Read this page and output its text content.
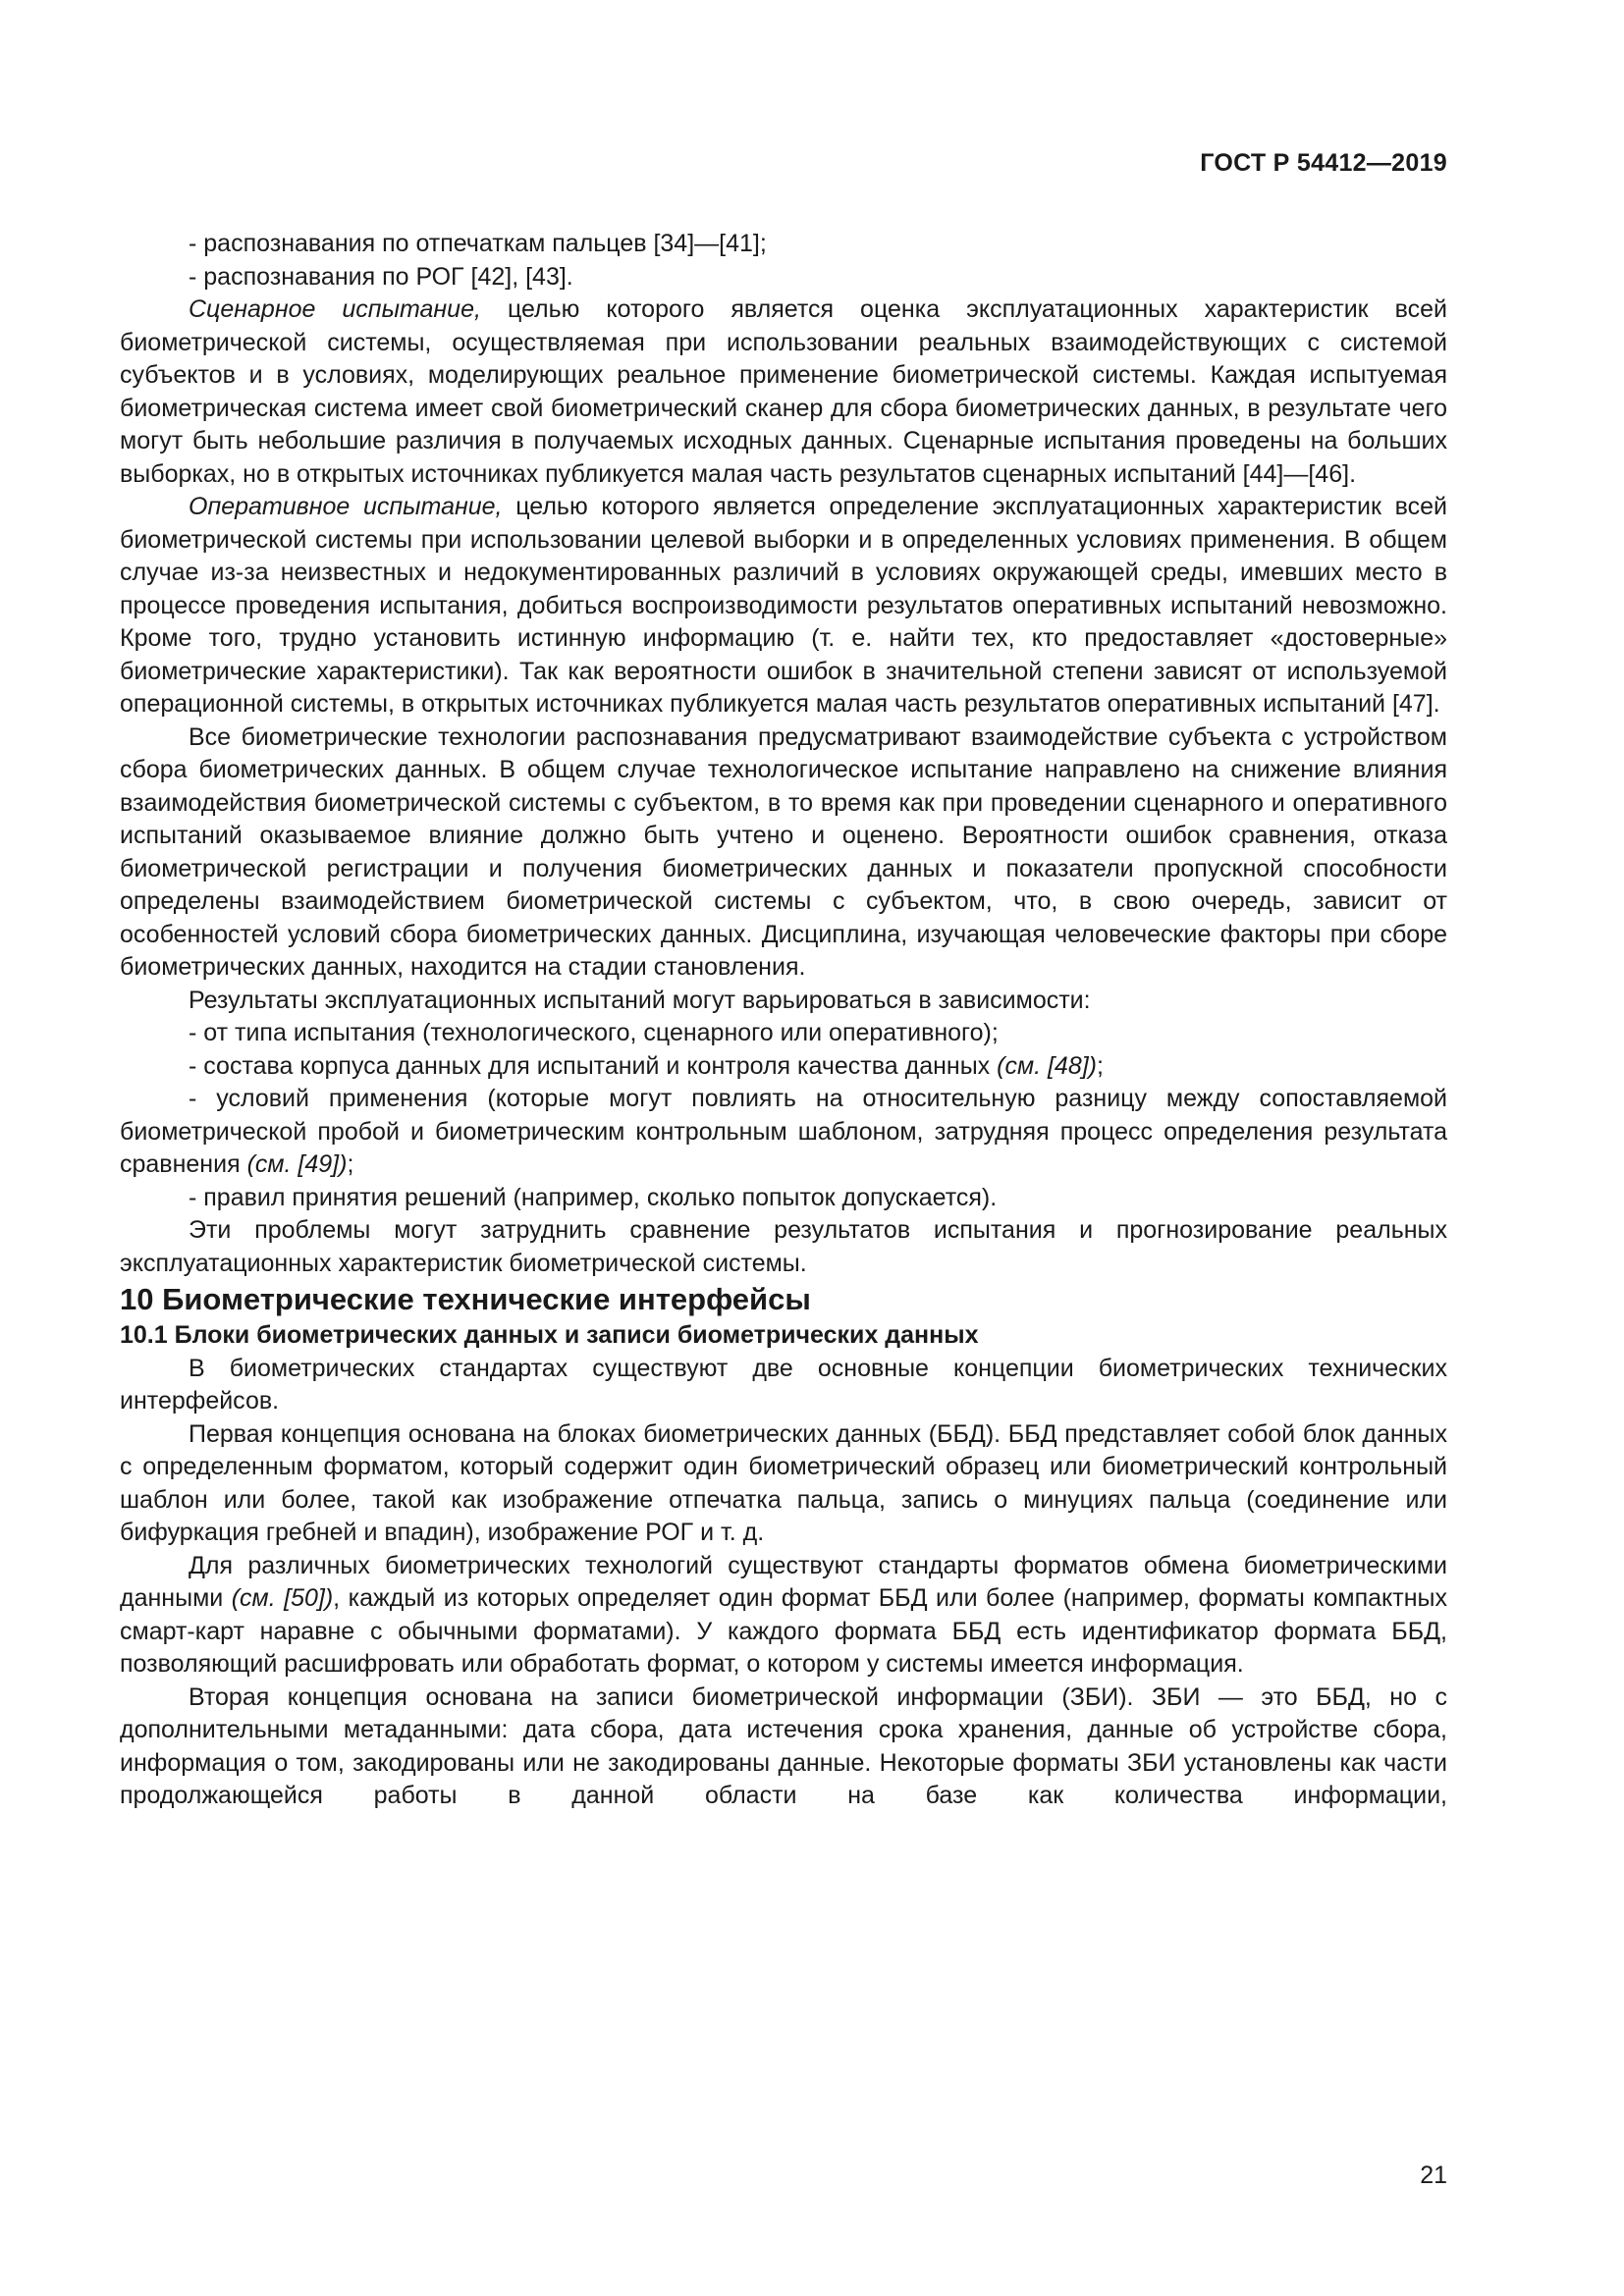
ГОСТ Р 54412—2019

- распознавания по отпечаткам пальцев [34]—[41];

- распознавания по РОГ [42], [43].

Сценарное испытание, целью которого является оценка эксплуатационных характеристик всей биометрической системы, осуществляемая при использовании реальных взаимодействующих с системой субъектов и в условиях, моделирующих реальное применение биометрической системы. Каждая испытуемая биометрическая система имеет свой биометрический сканер для сбора биометрических данных, в результате чего могут быть небольшие различия в получаемых исходных данных. Сценарные испытания проведены на больших выборках, но в открытых источниках публикуется малая часть результатов сценарных испытаний [44]—[46].

Оперативное испытание, целью которого является определение эксплуатационных характеристик всей биометрической системы при использовании целевой выборки и в определенных условиях применения. В общем случае из-за неизвестных и недокументированных различий в условиях окружающей среды, имевших место в процессе проведения испытания, добиться воспроизводимости результатов оперативных испытаний невозможно. Кроме того, трудно установить истинную информацию (т. е. найти тех, кто предоставляет «достоверные» биометрические характеристики). Так как вероятности ошибок в значительной степени зависят от используемой операционной системы, в открытых источниках публикуется малая часть результатов оперативных испытаний [47].

Все биометрические технологии распознавания предусматривают взаимодействие субъекта с устройством сбора биометрических данных. В общем случае технологическое испытание направлено на снижение влияния взаимодействия биометрической системы с субъектом, в то время как при проведении сценарного и оперативного испытаний оказываемое влияние должно быть учтено и оценено. Вероятности ошибок сравнения, отказа биометрической регистрации и получения биометрических данных и показатели пропускной способности определены взаимодействием биометрической системы с субъектом, что, в свою очередь, зависит от особенностей условий сбора биометрических данных. Дисциплина, изучающая человеческие факторы при сборе биометрических данных, находится на стадии становления.

Результаты эксплуатационных испытаний могут варьироваться в зависимости:

- от типа испытания (технологического, сценарного или оперативного);

- состава корпуса данных для испытаний и контроля качества данных (см. [48]);

- условий применения (которые могут повлиять на относительную разницу между сопоставляемой биометрической пробой и биометрическим контрольным шаблоном, затрудняя процесс определения результата сравнения (см. [49]);

- правил принятия решений (например, сколько попыток допускается).

Эти проблемы могут затруднить сравнение результатов испытания и прогнозирование реальных эксплуатационных характеристик биометрической системы.

10 Биометрические технические интерфейсы

10.1 Блоки биометрических данных и записи биометрических данных

В биометрических стандартах существуют две основные концепции биометрических технических интерфейсов.

Первая концепция основана на блоках биометрических данных (ББД). ББД представляет собой блок данных с определенным форматом, который содержит один биометрический образец или биометрический контрольный шаблон или более, такой как изображение отпечатка пальца, запись о минуциях пальца (соединение или бифуркация гребней и впадин), изображение РОГ и т. д.

Для различных биометрических технологий существуют стандарты форматов обмена биометрическими данными (см. [50]), каждый из которых определяет один формат ББД или более (например, форматы компактных смарт-карт наравне с обычными форматами). У каждого формата ББД есть идентификатор формата ББД, позволяющий расшифровать или обработать формат, о котором у системы имеется информация.

Вторая концепция основана на записи биометрической информации (ЗБИ). ЗБИ — это ББД, но с дополнительными метаданными: дата сбора, дата истечения срока хранения, данные об устройстве сбора, информация о том, закодированы или не закодированы данные. Некоторые форматы ЗБИ установлены как части продолжающейся работы в данной области на базе как количества информации,

21
